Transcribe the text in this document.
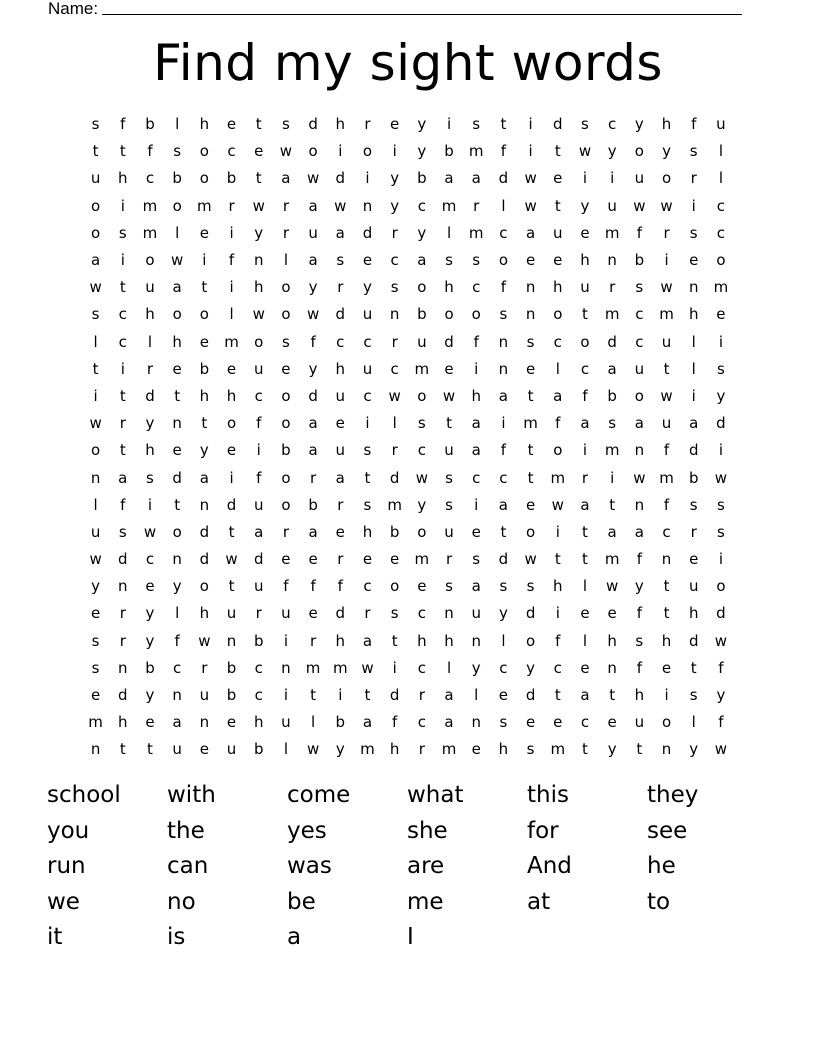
Name:
Find my sight words
s	f	b	l	h	e	t	s	d	h	r	e	y	i	s	t	i	d	s	c	y	h	f	u
t	t	f	s	o	c	e	w	o	i	o	i	y	b	m	f	i	t	w	y	o	y	s	l
u	h	c	b	o	b	t	a	w	d	i	y	b	a	a	d	w	e	i	i	u	o	r	l
o	i	m	o	m	r	w	r	a	w	n	y	c	m	r	l	w	t	y	u	w w	i	c
o	s	m	l	e	i	y	r	u	a	d	r	y	l	m	c	a	u	e	m	f	r	s	c
a	i	o	w	i	f	n	l	a	s	e	c	a	s	s	o	e	e	h	n	b	i	e	o
w	t	u	a	t	i	h	o	y	r	y	s	o	h	c	f	n	h	u	r	s	w	n	m
s	c	h	o	o	l	w	o	w	d	u	n	b	o	o	s	n	o	t	m	c	m	h	e
l	c	l	h	e	m	o	s	f	c	c	r	u	d	f	n	s	c	o	d	c	u	l	i
t	i	r	e	b	e	u	e	y	h	u	c	m	e	i	n	e	l	c	a	u	t	l	s
i	t	d	t	h	h	c	o	d	u	c	w	o	w	h	a	t	a	f	b	o	w	i	y
w	r	y	n	t	o	f	o	a	e	i	l	s	t	a	i	m	f	a	s	a	u	a	d
o	t	h	e	y	e	i	b	a	u	s	r	c	u	a	f	t	o	i	m	n	f	d	i
n	a	s	d	a	i	f	o	r	a	t	d	w	s	c	c	t	m	r	i	w m	b	w
l	f	i	t	n	d	u	o	b	r	s	m	y	s	i	a	e	w	a	t	n	f	s	s
u	s	w	o	d	t	a	r	a	e	h	b	o	u	e	t	o	i	t	a	a	c	r	s
w	d	c	n	d	w	d	e	e	r	e	e	m	r	s	d	w	t	t	m	f	n	e	i
y	n	e	y	o	t	u	f	f	f	c	o	e	s	a	s	s	h	l	w	y	t	u	o
e	r	y	l	h	u	r	u	e	d	r	s	c	n	u	y	d	i	e	e	f	t	h	d
s	r	y	f	w	n	b	i	r	h	a	t	h	h	n	l	o	f	l	h	s	h	d	w
s	n	b	c	r	b	c	n	m m w	i	c	l	y	c	y	c	e	n	f	e	t	f
e	d	y	n	u	b	c	i	t	i	t	d	r	a	l	e	d	t	a	t	h	i	s	y
m	h	e	a	n	e	h	u	l	b	a	f	c	a	n	s	e	e	c	e	u	o	l	f
n	t	t	u	e	u	b	l	w	y	m	h	r	m	e	h	s	m	t	y	t	n	y	w
school	with	come	what	this	they
you	the	yes	she	for	see
run	can	was	are	And	he
we	no	be	me	at	to
it	is	a	I
